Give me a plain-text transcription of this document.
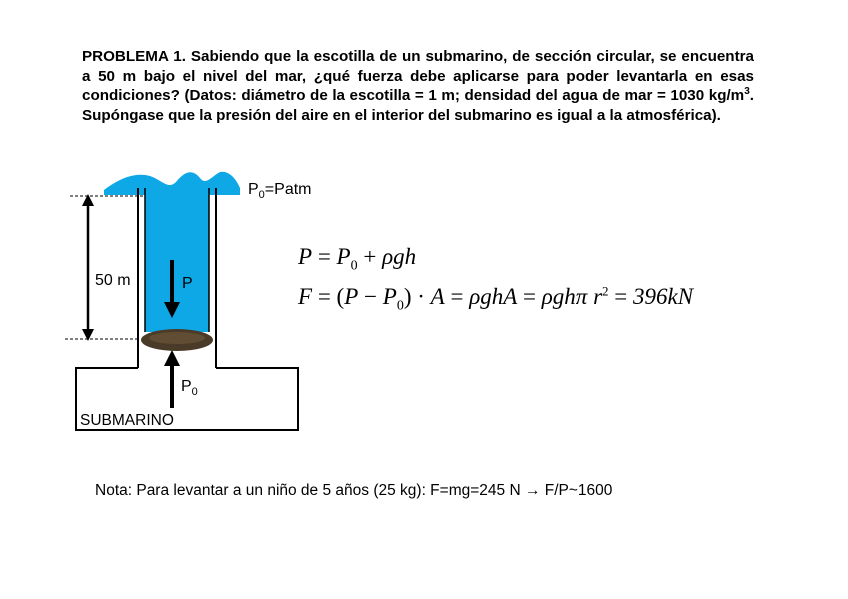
PROBLEMA 1. Sabiendo que la escotilla de un submarino, de sección circular, se encuentra a 50 m bajo el nivel del mar, ¿qué fuerza debe aplicarse para poder levantarla en esas condiciones? (Datos: diámetro de la escotilla = 1 m; densidad del agua de mar = 1030 $kg/m^3$. Supóngase que la presión del aire en el interior del submarino es igual a la atmosférica).
$P_0=Patm$
50 m	P
$P_0$
SUBMARINO
$P = P_0 + \rho gh$
$F = (P - P_0) \cdot A = \rho ghA = \rho gh\pi$ $r^2 = 396kN$
Nota: Para levantar a un niño de 5 años (25 kg): F=mg=245 N → F/P~1600
